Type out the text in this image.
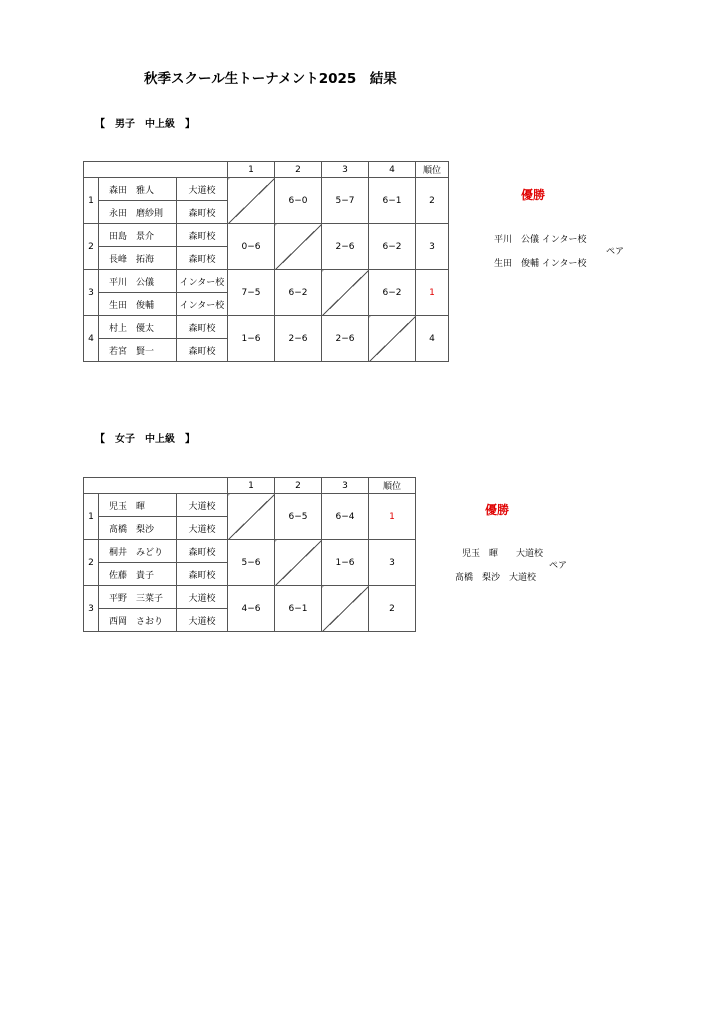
秋季スクール生トーナメント2025　結果
【　男子　中上級　】
			1	2	3	4	順位
1	森田　雅人	大道校		6−0	5−7	6−1	2
	永田　磨紗則	森町校					
2	田島　景介	森町校	0−6		2−6	6−2	3
	長峰　拓海	森町校					
3	平川　公儀	インター校	7−5	6−2		6−2	1
	生田　俊輔	インター校					
4	村上　優太	森町校	1−6	2−6	2−6		4
	若宮　賢一	森町校					
優勝
平川　公儀 インター校
生田　俊輔 インター校
ペア
【　女子　中上級　】
			1	2	3	順位
1	児玉　暉	大道校		6−5	6−4	1
	髙橋　梨沙	大道校				
2	桐井　みどり	森町校	5−6		1−6	3
	佐藤　貴子	森町校				
3	平野　三菜子	大道校	4−6	6−1		2
	西岡　さおり	大道校				
優勝
児玉　暉　　大道校
髙橋　梨沙　大道校
ペア
